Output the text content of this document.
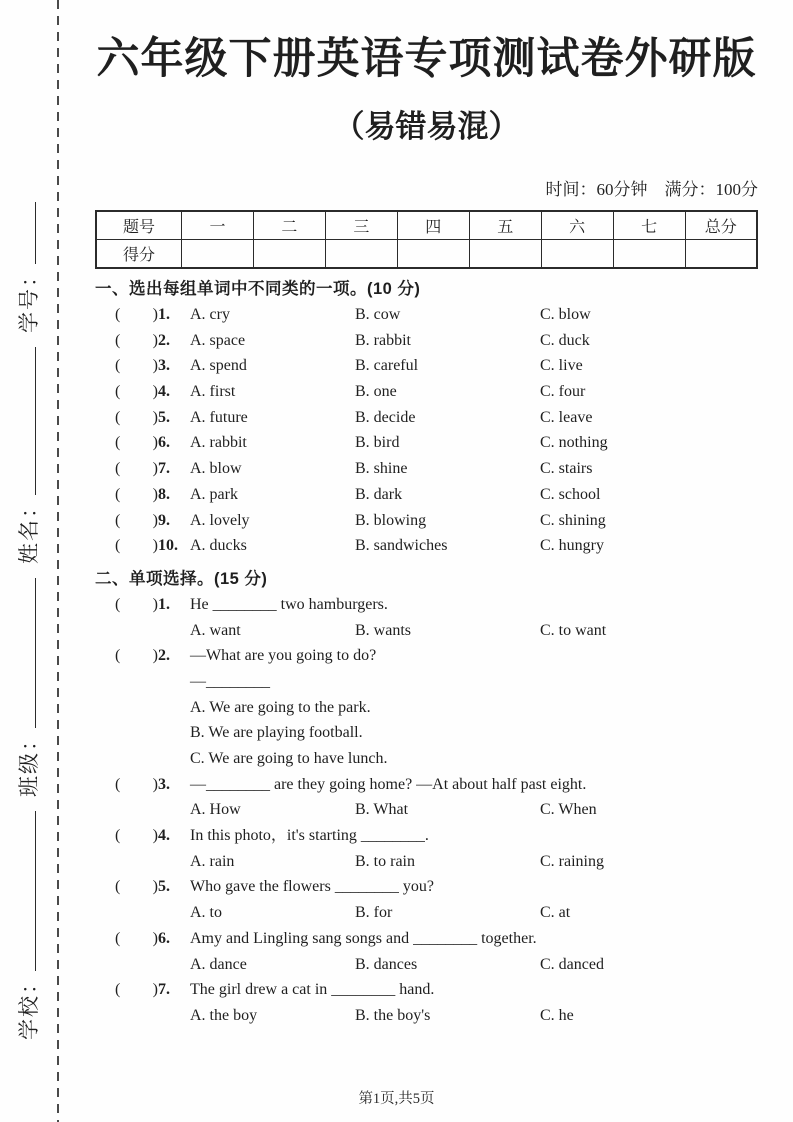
学校：班级：姓名：学号：
六年级下册英语专项测试卷外研版
（易错易混）
时间：60分钟　满分：100分
题号	一	二	三	四	五	六	七	总分
得分								
一、选出每组单词中不同类的一项。(10 分)
( ) 1.	A. cry	B. cow	C. blow
( ) 2.	A. space	B. rabbit	C. duck
( ) 3.	A. spend	B. careful	C. live
( ) 4.	A. first	B. one	C. four
( ) 5.	A. future	B. decide	C. leave
( ) 6.	A. rabbit	B. bird	C. nothing
( ) 7.	A. blow	B. shine	C. stairs
( ) 8.	A. park	B. dark	C. school
( ) 9.	A. lovely	B. blowing	C. shining
( ) 10. A. ducks	B. sandwiches	C. hungry
二、单项选择。(15 分)
( ) 1.	He ________ two hamburgers.
A. want	B. wants	C. to want
( ) 2.	—What are you going to do?
—________
A. We are going to the park.
B. We are playing football.
C. We are going to have lunch.
( ) 3.	—________ are they going home? —At about half past eight.
A. How	B. What	C. When
( ) 4.	In this photo，it's starting ________.
A. rain	B. to rain	C. raining
( ) 5.	Who gave the flowers ________ you?
A. to	B. for	C. at
( ) 6.	Amy and Lingling sang songs and ________ together.
A. dance	B. dances	C. danced
( ) 7.	The girl drew a cat in ________ hand.
A. the boy	B. the boy's	C. he
第1页,共5页
